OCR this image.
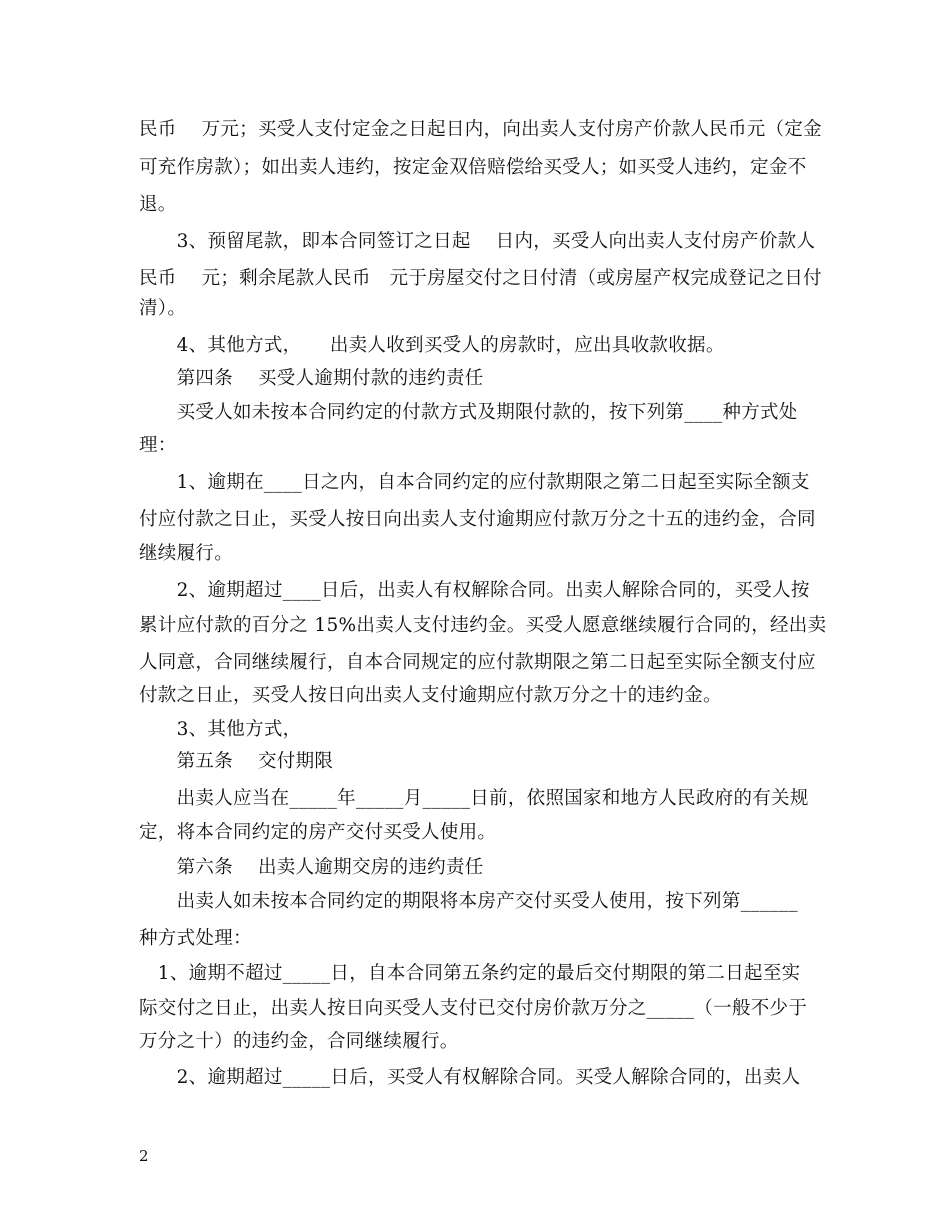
民币　 万元；买受人支付定金之日起日内，向出卖人支付房产价款人民币元（定金
可充作房款）；如出卖人违约，按定金双倍赔偿给买受人；如买受人违约，定金不
退。
　　3、预留尾款，即本合同签订之日起　 日内，买受人向出卖人支付房产价款人
民币　 元；剩余尾款人民币　元于房屋交付之日付清（或房屋产权完成登记之日付
清）。
　　4、其他方式，　　出卖人收到买受人的房款时，应出具收款收据。
　　第四条　 买受人逾期付款的违约责任
　　买受人如未按本合同约定的付款方式及期限付款的，按下列第____种方式处
理：
　　1、逾期在____日之内，自本合同约定的应付款期限之第二日起至实际全额支
付应付款之日止，买受人按日向出卖人支付逾期应付款万分之十五的违约金，合同
继续履行。
　　2、逾期超过____日后，出卖人有权解除合同。出卖人解除合同的，买受人按
累计应付款的百分之 15%出卖人支付违约金。买受人愿意继续履行合同的，经出卖
人同意，合同继续履行，自本合同规定的应付款期限之第二日起至实际全额支付应
付款之日止，买受人按日向出卖人支付逾期应付款万分之十的违约金。
　　3、其他方式，
　　第五条　 交付期限
　　出卖人应当在_____年_____月_____日前，依照国家和地方人民政府的有关规
定，将本合同约定的房产交付买受人使用。
　　第六条　 出卖人逾期交房的违约责任
　　出卖人如未按本合同约定的期限将本房产交付买受人使用，按下列第______
种方式处理：
　1、逾期不超过_____日，自本合同第五条约定的最后交付期限的第二日起至实
际交付之日止，出卖人按日向买受人支付已交付房价款万分之_____（一般不少于
万分之十）的违约金，合同继续履行。
　　2、逾期超过_____日后，买受人有权解除合同。买受人解除合同的，出卖人
2
